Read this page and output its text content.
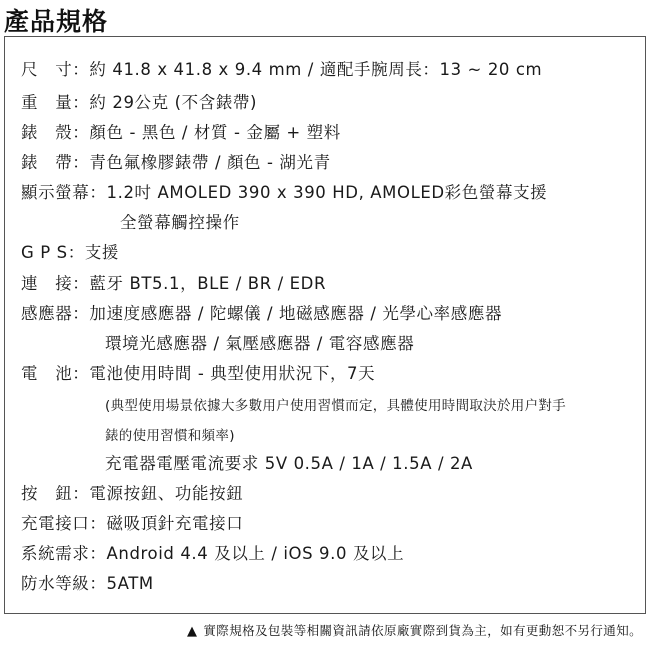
產品規格
尺　寸：約 41.8 x 41.8 x 9.4 mm / 適配手腕周長：13 ~ 20 cm
重　量：約 29公克 (不含錶帶)
錶　殼：顏色 - 黑色 / 材質 - 金屬 + 塑料
錶　帶：青色氟橡膠錶帶 / 顏色 - 湖光青
顯示螢幕：1.2吋 AMOLED 390 x 390 HD, AMOLED彩色螢幕支援
全螢幕觸控操作
G P S：支援
連　接：藍牙 BT5.1，BLE / BR / EDR
感應器：加速度感應器 / 陀螺儀 / 地磁感應器 / 光學心率感應器
環境光感應器 / 氣壓感應器 / 電容感應器
電　池：電池使用時間 - 典型使用狀況下，7天
(典型使用場景依據大多數用户使用習慣而定，具體使用時間取決於用户對手
錶的使用習慣和頻率)
充電器電壓電流要求 5V 0.5A / 1A / 1.5A / 2A
按　鈕：電源按鈕、功能按鈕
充電接口：磁吸頂針充電接口
系統需求：Android 4.4 及以上 / iOS 9.0 及以上
防水等級：5ATM
▲ 實際規格及包裝等相關資訊請依原廠實際到貨為主，如有更動恕不另行通知。
